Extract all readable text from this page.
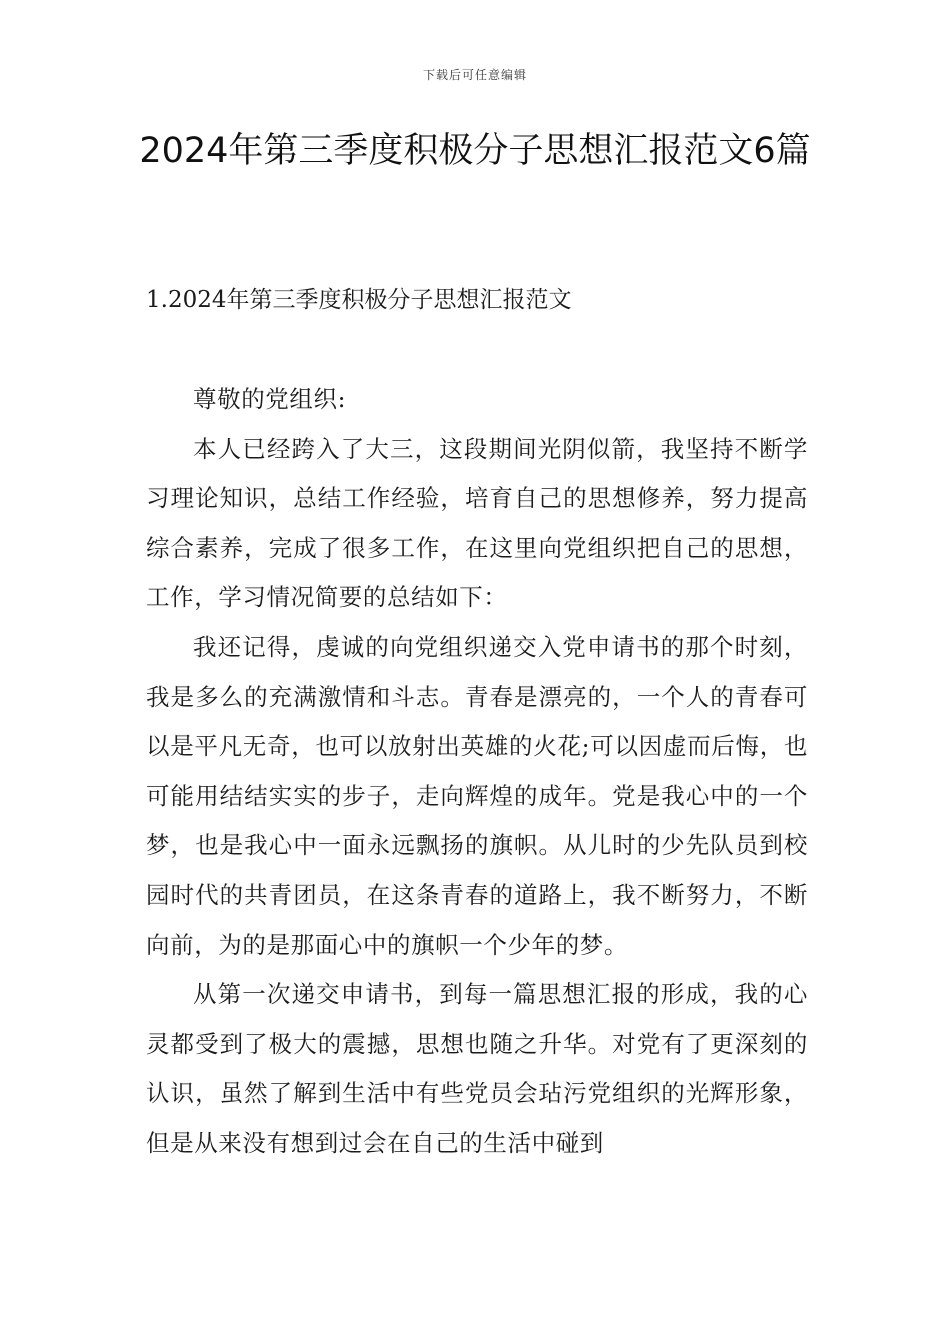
下载后可任意编辑
2024年第三季度积极分子思想汇报范文6篇
1.2024年第三季度积极分子思想汇报范文

尊敬的党组织:

本人已经跨入了大三，这段期间光阴似箭，我坚持不断学习理论知识，总结工作经验，培育自己的思想修养，努力提高综合素养，完成了很多工作，在这里向党组织把自己的思想，工作，学习情况简要的总结如下：

我还记得，虔诚的向党组织递交入党申请书的那个时刻，我是多么的充满激情和斗志。青春是漂亮的，一个人的青春可以是平凡无奇，也可以放射出英雄的火花;可以因虚而后悔，也可能用结结实实的步子，走向辉煌的成年。党是我心中的一个梦，也是我心中一面永远飘扬的旗帜。从儿时的少先队员到校园时代的共青团员，在这条青春的道路上，我不断努力，不断向前，为的是那面心中的旗帜一个少年的梦。

从第一次递交申请书，到每一篇思想汇报的形成，我的心灵都受到了极大的震撼，思想也随之升华。对党有了更深刻的认识，虽然了解到生活中有些党员会玷污党组织的光辉形象，但是从来没有想到过会在自己的生活中碰到
